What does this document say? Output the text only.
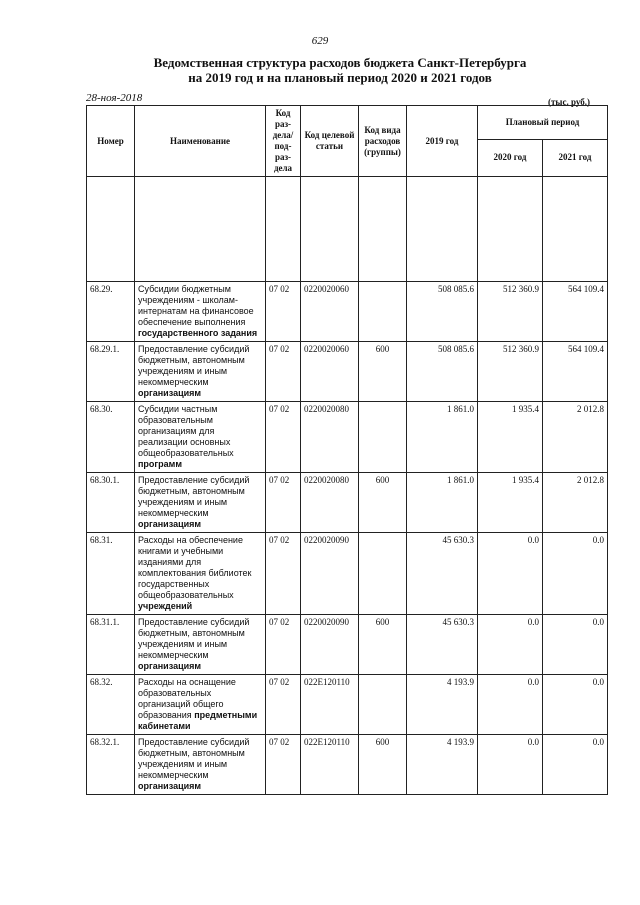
629
Ведомственная структура расходов бюджета Санкт-Петербурга
на 2019 год и на плановый период 2020 и 2021 годов
28-ноя-2018	(тыс. руб.)
Номер	Наименование	Код раз- дела/ под- раз- дела	Код целевой статьи	Код вида расходов (группы)	2019 год	Плановый период	
						2020 год	2021 год

68.29.	Субсидии бюджетным учреждениям - школам-интернатам на финансовое обеспечение выполнения государственного задания	07 02	0220020060		508 085.6	512 360.9	564 109.4
68.29.1.	Предоставление субсидий бюджетным, автономным учреждениям и иным некоммерческим организациям	07 02	0220020060	600	508 085.6	512 360.9	564 109.4
68.30.	Субсидии частным образовательным организациям для реализации основных общеобразовательных программ	07 02	0220020080		1 861.0	1 935.4	2 012.8
68.30.1.	Предоставление субсидий бюджетным, автономным учреждениям и иным некоммерческим организациям	07 02	0220020080	600	1 861.0	1 935.4	2 012.8
68.31.	Расходы на обеспечение книгами и учебными изданиями для комплектования библиотек государственных общеобразовательных учреждений	07 02	0220020090		45 630.3	0.0	0.0
68.31.1.	Предоставление субсидий бюджетным, автономным учреждениям и иным некоммерческим организациям	07 02	0220020090	600	45 630.3	0.0	0.0
68.32.	Расходы на оснащение образовательных организаций общего образования предметными кабинетами	07 02	022E120110		4 193.9	0.0	0.0
68.32.1.	Предоставление субсидий бюджетным, автономным учреждениям и иным некоммерческим организациям	07 02	022E120110	600	4 193.9	0.0	0.0
